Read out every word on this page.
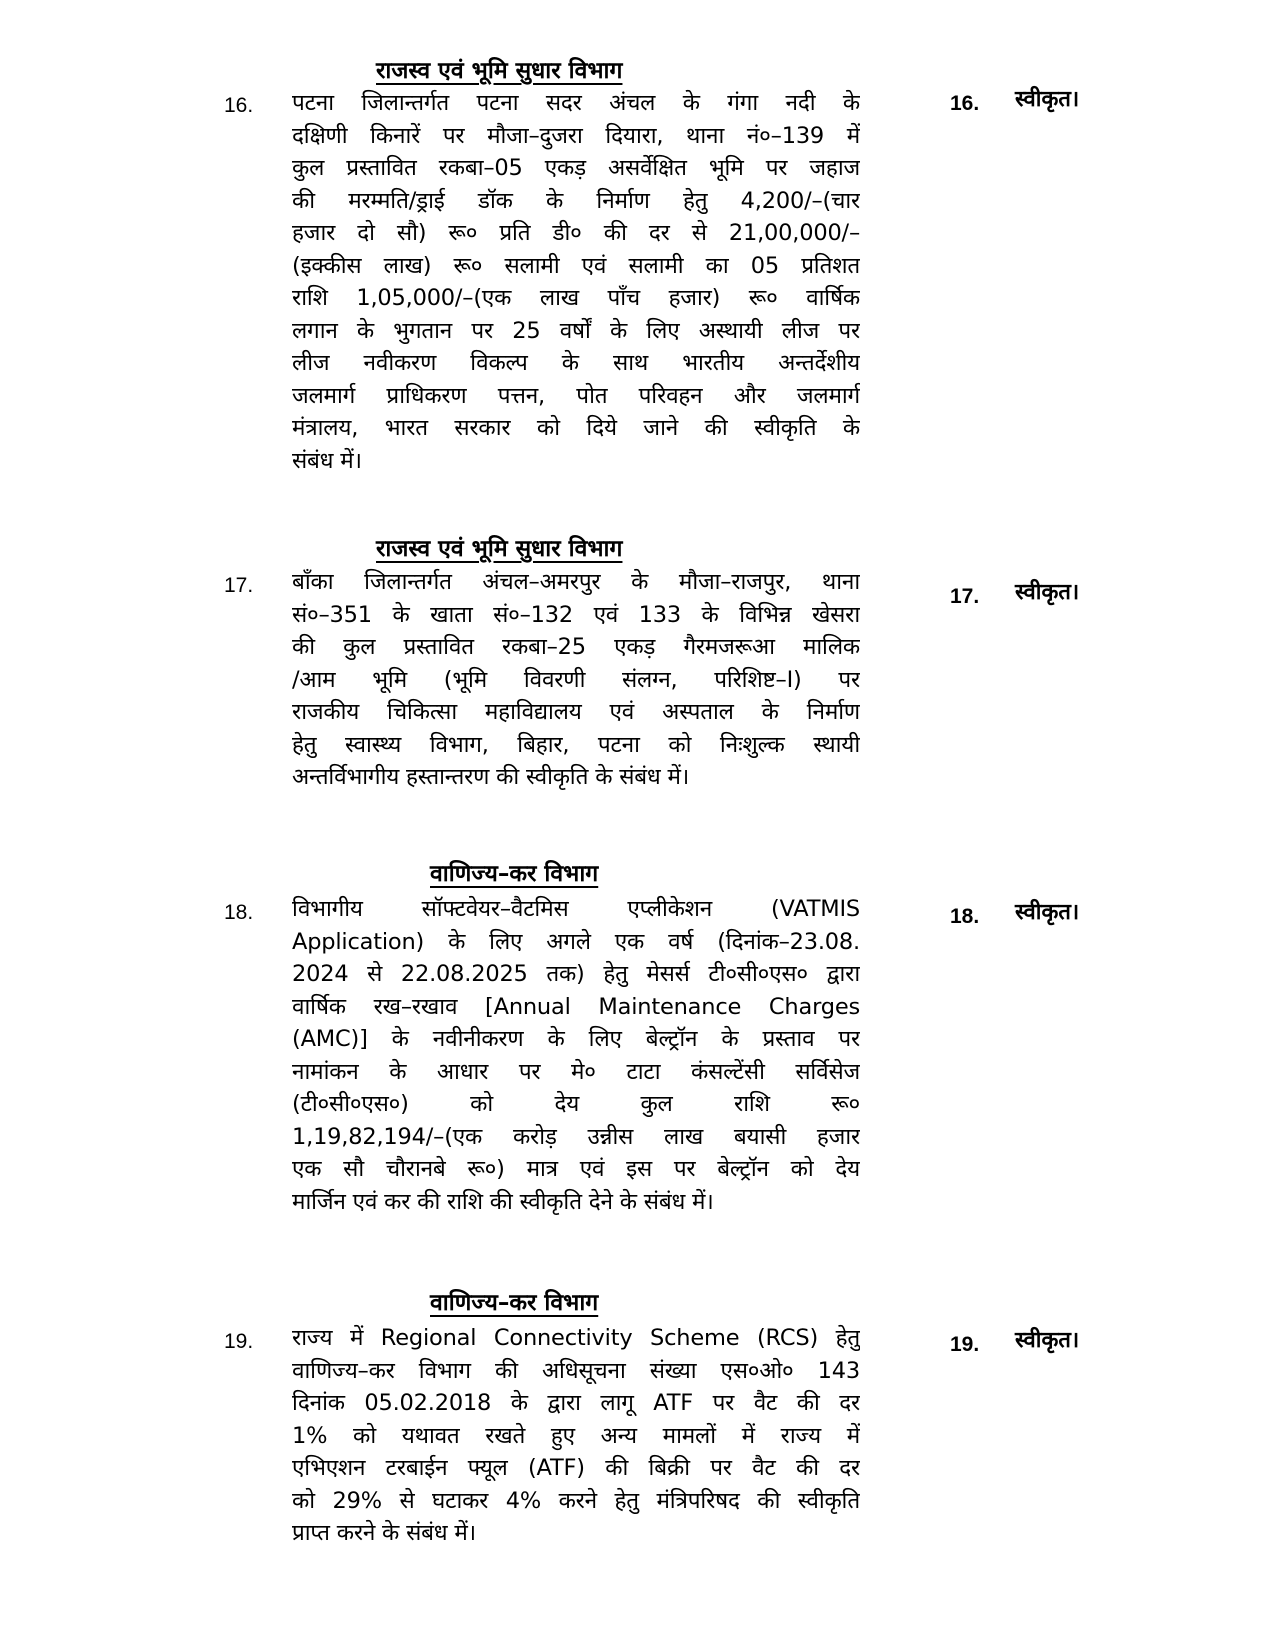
राजस्व एवं भूमि सुधार विभाग
16. पटना जिलान्तर्गत पटना सदर अंचल के गंगा नदी के
दक्षिणी किनारें पर मौजा–दुजरा दियारा, थाना नं०–139 में
कुल प्रस्तावित रकबा–05 एकड़ असर्वेक्षित भूमि पर जहाज
की मरम्मति/ड्राई डॉक के निर्माण हेतु 4,200/–(चार
हजार दो सौ) रू० प्रति डी० की दर से 21,00,000/–
(इक्कीस लाख) रू० सलामी एवं सलामी का 05 प्रतिशत
राशि 1,05,000/–(एक लाख पाँच हजार) रू० वार्षिक
लगान के भुगतान पर 25 वर्षों के लिए अस्थायी लीज पर
लीज नवीकरण विकल्प के साथ भारतीय अन्तर्देशीय
जलमार्ग प्राधिकरण पत्तन, पोत परिवहन और जलमार्ग
मंत्रालय, भारत सरकार को दिये जाने की स्वीकृति के
संबंध में।
16. स्वीकृत।
राजस्व एवं भूमि सुधार विभाग
17. बाँका जिलान्तर्गत अंचल–अमरपुर के मौजा–राजपुर, थाना
सं०–351 के खाता सं०–132 एवं 133 के विभिन्न खेसरा
की कुल प्रस्तावित रकबा–25 एकड़ गैरमजरूआ मालिक
/आम भूमि (भूमि विवरणी संलग्न, परिशिष्ट–I) पर
राजकीय चिकित्सा महाविद्यालय एवं अस्पताल के निर्माण
हेतु स्वास्थ्य विभाग, बिहार, पटना को निःशुल्क स्थायी
अन्तर्विभागीय हस्तान्तरण की स्वीकृति के संबंध में।
17. स्वीकृत।
वाणिज्य–कर विभाग
18. विभागीय सॉफ्टवेयर–वैटमिस एप्लीकेशन (VATMIS
Application) के लिए अगले एक वर्ष (दिनांक–23.08.
2024 से 22.08.2025 तक) हेतु मेसर्स टी०सी०एस० द्वारा
वार्षिक रख–रखाव [Annual Maintenance Charges
(AMC)] के नवीनीकरण के लिए बेल्ट्रॉन के प्रस्ताव पर
नामांकन के आधार पर मे० टाटा कंसल्टेंसी सर्विसेज
(टी०सी०एस०) को देय कुल राशि रू०
1,19,82,194/–(एक करोड़ उन्नीस लाख बयासी हजार
एक सौ चौरानबे रू०) मात्र एवं इस पर बेल्ट्रॉन को देय
मार्जिन एवं कर की राशि की स्वीकृति देने के संबंध में।
18. स्वीकृत।
वाणिज्य–कर विभाग
19. राज्य में Regional Connectivity Scheme (RCS) हेतु
वाणिज्य–कर विभाग की अधिसूचना संख्या एस०ओ० 143
दिनांक 05.02.2018 के द्वारा लागू ATF पर वैट की दर
1% को यथावत रखते हुए अन्य मामलों में राज्य में
एभिएशन टरबाईन फ्यूल (ATF) की बिक्री पर वैट की दर
को 29% से घटाकर 4% करने हेतु मंत्रिपरिषद की स्वीकृति
प्राप्त करने के संबंध में।
19. स्वीकृत।
